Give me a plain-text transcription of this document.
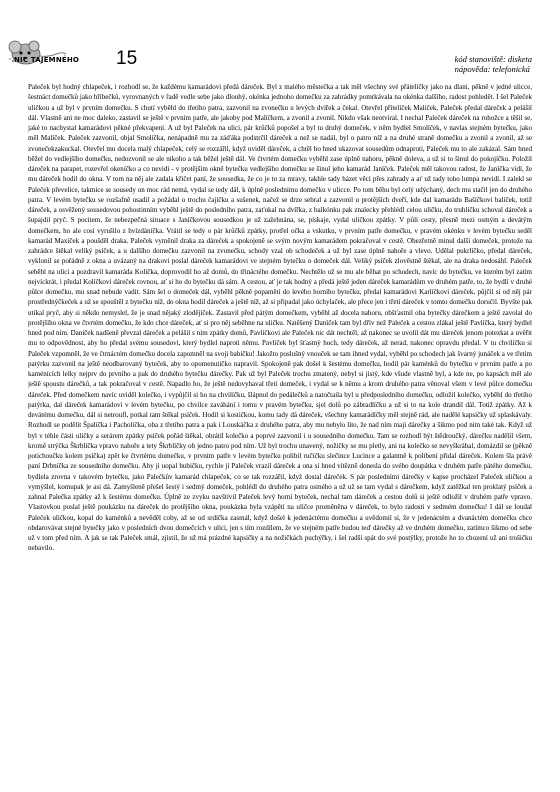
NIC TAJEMNÉHO 15	kód stanoviště: disketa
nápověda: telefonická

Paleček byl hodný chlapeček, i rozhodl se, že každému kamarádovi předá dáreček. Byl z malého městečka a tak měl všechny své přátelíčky jako na dlani, pěkně v jedné ulicce, šestnáct domečků jako hříbečků, vyrovnaných v řadě vedle sebe jako dlouhý, okénka jednoho domečku za zahrádky pomrkávala na okénka dalšího, radost pohledět. I šel Paleček uličkou a už byl v prvním domečku. S chutí vyběhl do třetího patra, zazvonil na zvonečku u levých dvířek a čekal. Otevřel přítelíček Malíček, Paleček předal dáreček a pelášil dál. Vlastně ani ne moc daleko, zastavil se ještě v prvním patře, ale jakoby pod Malíčkem, a zvonil a zvonil. Nikdo však neotvíral. I nechal Paleček dáreček na rohožce a těšil se, jaké to nachystal kamarádovi pěkné překvapení. A už byl Paleček na ulici, pár krůčků popošel a byl tu druhý domeček, v něm bydlel Smolíček, v navlas stejném bytečku, jako měl Malíček. Paleček zazvonil, objal Smolíčka, nenápadně mu za záďáka podstrčil dáreček a než se nadál, byl o patro níž a na druhé straně domečku a zvonil a zvonil, až se zvonečekzakuckal. Otevřel mu docela malý chlapeček, celý se rozzářil, když uviděl dáreček, a chtěl ho hned ukazovat sousedům odnaproti, Paleček mu to ale zakázal. Sám hned běžel do vedlejšího domečku, nedozvonil se ale nikoho a tak běžel ještě dál. Ve čtvrtém domečku vyběhl zase úplně nahoru, pěkně doleva, a už si to šinul do pokojíčku. Položil dáreček na parapet, rozevřel okeníčko a co nevidí - v protějším okně bytečku vedlejšího domečku se šinul jeho kamarád Janíček. Paleček měl takovou radost, že Janíčka vidí, že mu dáreček hodil do okna. V tom na něj ale zadala křičet paní, že sousedka, že co je to za mravy, takhle tady házet věci přes zahrady a ať už tady toho lumpa nevidí. I zalekl se Paleček převelice, takmice se sousedy on moc rád nemá, vydal se tedy dál, k úplně poslednímu domečku v ulicce. Po tom běhu byl celý udýchaný, dech mu stačil jen do druhého patra. V levém bytečku se rozšafně usadil a požádal o trochu čajíčku a sušenek, načež se drze sebral a zazvonil u protějších dveří, kde dal kamarádu Bašíčkovi balíček, totiž dáreček, a osvěžený sousedovou pohostinním vyběhl ještě do posledního patra, zaťukal na dvířka, z balkónku pak znalecky přehlédl celou uličku, do truhlíčku schoval dáreček a šupajdil pryč. S pocitem, že nebezpečná situace s Janíčkovou sousedkou je už zažehnána, se, pískaje, vydal uličkou zpátky. V půli cesty, přesně mezi osmým a devátým domečkem, ho ale cosi vyrušilo z hvízdáníčka. Vrátil se tedy o pár krůčků zpátky, protřel očka a vskutku, v prvním patře domečku, v pravém okénku v levém bytečku seděl kamarád Maxíček a poušděl draka. Paleček vyměnil draka za dáreček a spokojeně se svým novým kamarádem pokračoval v cestě. Obezřetně minul další domeček, protože na zahrádce štěkal veliký psíček, a u dalšího domečku zazvonil na zvonečku, schody vzal ob schodeček a už byl zase úplně nahoře a vlevo. Udělal pukrlíčko, předal dáreček, vyklonil se pořádně z okna a uvázaný na drakovi poslal dáreček kamarádovi ve stejném bytečku o domeček dál. Veliký psíček zlověstně štěkal, ale na draka nedosáhl. Paleček seběhl na ulici a pozdravil kamaráda Kolíčka, doprovodil ho až domů, do třináctého domečku. Nechtělo už se mu ale běhat po schodech, navíc do bytečku, ve kterém byl zatím nejvíckrát, i předal Kolíčkovi dáreček rovnou, ať si ho do bytečku dá sám. A cestou, ať je tak hodný a předá ještě jeden dáreček kamarádům ve druhém patře, to, že bydlí v druhé půlce domečku, mu snad nebude vadit. Sám šel o domeček dál, vyběhl pěkně popaměti do levého horního bytečku, předal kamarádovi Karlíčkovi dáreček, půjčil si od něj pár prostřednýčkeček a už se spouštěl z bytečku níž, do okna hodil dáreček a ještě níž, až si připadal jako úchylaček, ale přece jen i třetí dáreček v tomto domečku doručil. Byvšte pak utíkal pryč, aby si někdo nemyslel, že je snad nějaký zlodějíček. Zastavil před pátým domečkem, vyběhl až docela nahoru, obšťastnil oba bytečky dárečkem a ještě zavolal do protějšího okna ve čtvrtém domečku, že kdo chce dáreček, ať si pro něj seběhne na uličku. Natěšený Daníček tam byl dřív než Paleček a cestou zlákal ještě Pavlíčka, který bydlel hned pod ním. Daníček nadšeně převzal dáreček a pelášil s ním zpátky domů, Pavlíčkovi ale Paleček nic dát nechtěl, až nakonec se uvolil dát mu dáreček jenom potezkat a uvěřit mu to odpovědnost, aby ho předal svému sousedovi, který bydlel naproti němu. Pavlíček byl šťastný hoch, tedy dáreček, až nerad, nakonec opravdu předal. V tu chvilíčku si Paleček vzpomněl, že ve čtrnáctém domečku docela zapomněl na svoji babičku! Jakožto poslušný vnouček se tam ihned vydal, vyběhl po schodech jak švarný junáček a ve třetím patýrku zazvonil na ještě neodbarovaný byteček, aby to opomenutíčko napravil. Spokojeně pak došel k šestému domečku, hodil pár kaménků do bytečku v prvním patře a po kaménících lelky nejprv do prvního a pak do druhého bytečku dárečky. Pak už byl Paleček trochu zmatený, nebyl si jistý, kde všude vlastně byl, a kde ne, po kapsách měl ale ještě spoustu dárečků, a tak pokračoval v cestě. Napadlo ho, že ještě nedovyhaval třetí domeček, i vydal se k němu a krom druhého patra věnoval všem v levé půlce domečku dáreček. Před domečkem navíc uviděl kolečko, i vypůjčil si ho na chvilíčku, šlápnul do pedálečků a natočtaila byl u předposledního domečku, odložil kolečko, vyběhl do třetího patýrka, dal dáreček kamarádovi v levém bytečku, po chvilce zaváhání i tomu v pravém bytečku, sjel dolů po zábradlíčku a už si to na kole drandil dál. Totiž zpátky. Až k devátému domečku, dál si netroufl, potkal tam štěkal psíček. Hodil si kostičkou, komu tady dá dáreček, všechny kamarádíčky měl stejně rád, ale nadělé kapsičky už splaskávaly. Rozhodl se podělit Špalíčka i Pacholíčka, oba z třetího patra a pak i Louskáčka z druhého patra, aby mu nebylo líto, že nad ním maji dárečky a šikmo pod ním také tak. Když už byl v téhle části uličky a serárem zpátky psíček pořád štěkal, obrátil kolečko a poprvé zazvonil i u sousedního domečku. Tam se rozhodl být štědroučký, dárečku nadělil všem, kromě strýčka Škrblíčka vpravo nahoře a tety Škrblíčky ob jedno patro pod ním. Už byl trochu unavený, nožičky se mu pletly, ani na kolečko se nevyškrábal, domázdil se (pěkně potichoučku kolem psíčka) zpět ke čtvrtému domečku, v prvním patře v levém bytečku polibil ručičku slečince Lucince a galantně k polibení přidal dáreček. Kolem šla právě paní Drbníčka ze sousedního domečku. Aby ji uopal hubičku, rychle jí Paleček vrazil dáreček a ona si hned vítězně donesla do svého doupátka v druhém patře pátého domečku, bydlela zrovna v takovém bytečku, jako Palečkův kamarád chlapeček, co se tak rozzářil, když dostal dáreček. S pár posledními dárečky v kapse procházel Paleček uličkou a vymýšlel, komupak je asi dá. Zamyšleně přešel šestý i sedmý domeček, pohlédl do druhého patra osmého a už už se tam vydal s dárečkem, když zatěžkal ten proklatý psíček a zahnal Palečka zpátky až k šestému domečku. Úplně ze zvyku navštívil Paleček levý horní byteček, nechal tam dáreček a cestou dolů si ještě odložil v druhém patře vpravo. Vlastovkou poslal ještě poukázku na dáreček do protějšího okna, poukázka byla vzápětí na uličce proměněna v dáreček, to bylo radosti v sedmém domečku! I dál se loudal Paleček uličkou, kopal do kaménků a nevěděl coby, až se od srdíčka zasmál, když došel k jedenáctému domečku a uvědomil si, že v jedenáctém a dvanáctém domečku chce obdarovávat stejné bytečky jako v posledních dvou domečcích v ulici, jen s tím rozdílem, že ve stejném patře budou teď dárečky až ve druhém domečku, zatímco šikmo od sebe už v tom před ním. A jak se tak Paleček smál, zjistil, že už má prázdné kapsičky a na nožičkách puchýřky, i šel radši spát do své postýlky, protože ho to chození už ani trošičku nebavilo.
